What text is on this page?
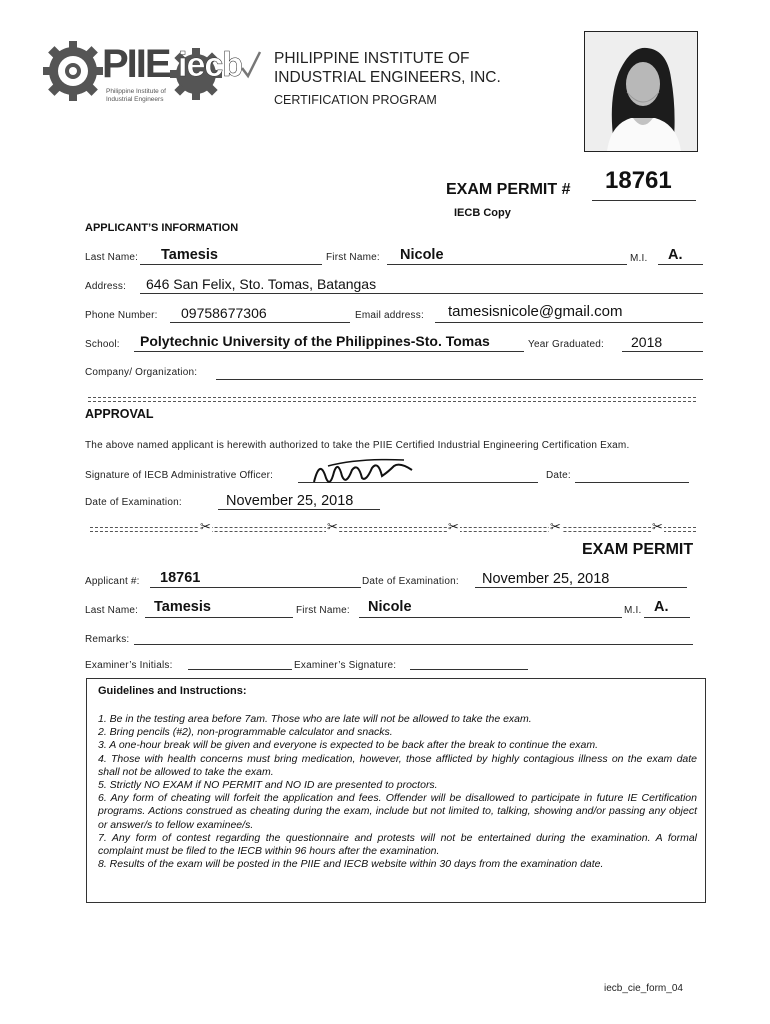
PIIE
Philippine Institute of
Industrial Engineers
iecb PHILIPPINE INSTITUTE OF
INDUSTRIAL ENGINEERS, INC.
CERTIFICATION PROGRAM
EXAM PERMIT # 18761
IECB Copy
APPLICANT’S INFORMATION
Last Name: Tamesis	First Name: Nicole	M.I. A.
Address: 646 San Felix, Sto. Tomas, Batangas
Phone Number: 09758677306	Email address: tamesisnicole@gmail.com
School: Polytechnic University of the Philippines-Sto. Tomas	Year Graduated: 2018
Company/ Organization:
APPROVAL
The above named applicant is herewith authorized to take the PIIE Certified Industrial Engineering Certification Exam.
Signature of IECB Administrative Officer:	Date:
Date of Examination:	November 25, 2018
✂	✂	✂	✂	✂
EXAM PERMIT
Applicant #: 18761	Date of Examination: November 25, 2018
Last Name: Tamesis	First Name: Nicole	M.I. A.
Remarks:
Examiner’s Initials:	Examiner’s Signature:

Guidelines and Instructions:

1. Be in the testing area before 7am. Those who are late will not be allowed to take the exam.

2. Bring pencils (#2), non-programmable calculator and snacks.

3. A one-hour break will be given and everyone is expected to be back after the break to continue the exam.

4. Those with health concerns must bring medication, however, those afflicted by highly contagious illness on the exam date shall not be allowed to take the exam.

5. Strictly NO EXAM if NO PERMIT and NO ID are presented to proctors.

6. Any form of cheating will forfeit the application and fees. Offender will be disallowed to participate in future IE Certification programs. Actions construed as cheating during the exam, include but not limited to, talking, showing and/or passing any object or answer/s to fellow examinee/s.

7. Any form of contest regarding the questionnaire and protests will not be entertained during the examination. A formal complaint must be filed to the IECB within 96 hours after the examination.

8. Results of the exam will be posted in the PIIE and IECB website within 30 days from the examination date.

iecb_cie_form_04
